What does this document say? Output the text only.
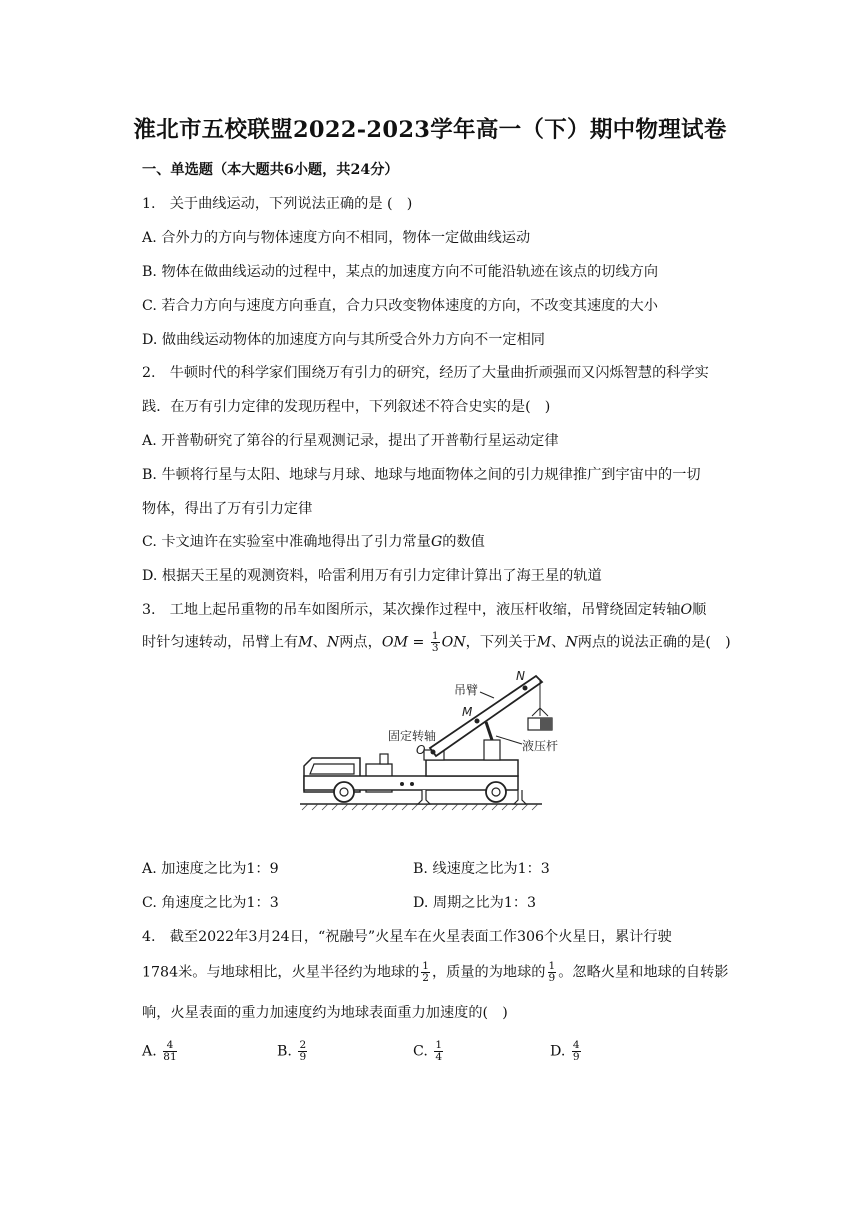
淮北市五校联盟2022-2023学年高一（下）期中物理试卷
一、单选题（本大题共6小题，共24分）
1.　关于曲线运动，下列说法正确的是 (　)
A. 合外力的方向与物体速度方向不相同，物体一定做曲线运动
B. 物体在做曲线运动的过程中，某点的加速度方向不可能沿轨迹在该点的切线方向
C. 若合力方向与速度方向垂直，合力只改变物体速度的方向，不改变其速度的大小
D. 做曲线运动物体的加速度方向与其所受合外力方向不一定相同
2.　牛顿时代的科学家们围绕万有引力的研究，经历了大量曲折顽强而又闪烁智慧的科学实
践．在万有引力定律的发现历程中，下列叙述不符合史实的是(　)
A. 开普勒研究了第谷的行星观测记录，提出了开普勒行星运动定律
B. 牛顿将行星与太阳、地球与月球、地球与地面物体之间的引力规律推广到宇宙中的一切
物体，得出了万有引力定律
C. 卡文迪许在实验室中准确地得出了引力常量G的数值
D. 根据天王星的观测资料，哈雷利用万有引力定律计算出了海王星的轨道
3.　工地上起吊重物的吊车如图所示，某次操作过程中，液压杆收缩，吊臂绕固定转轴O顺
时针匀速转动，吊臂上有M、N两点，OM = $\frac{1}{3}$ ON，下列关于M、N两点的说法正确的是(　)
吊臂
N
M
固定转轴
O	液压杆
A. 加速度之比为1：9	B. 线速度之比为1：3
C. 角速度之比为1：3	D. 周期之比为1：3
4.　截至2022年3月24日，“祝融号”火星车在火星表面工作306个火星日，累计行驶
1784米。与地球相比，火星半径约为地球的 $\frac{1}{2}$ ，质量的为地球的 $\frac{1}{9}$ 。忽略火星和地球的自转影
响，火星表面的重力加速度约为地球表面重力加速度的(　)
A. $\frac{4}{81}$	B. $\frac{2}{9}$	C. $\frac{1}{4}$	D. $\frac{4}{9}$
